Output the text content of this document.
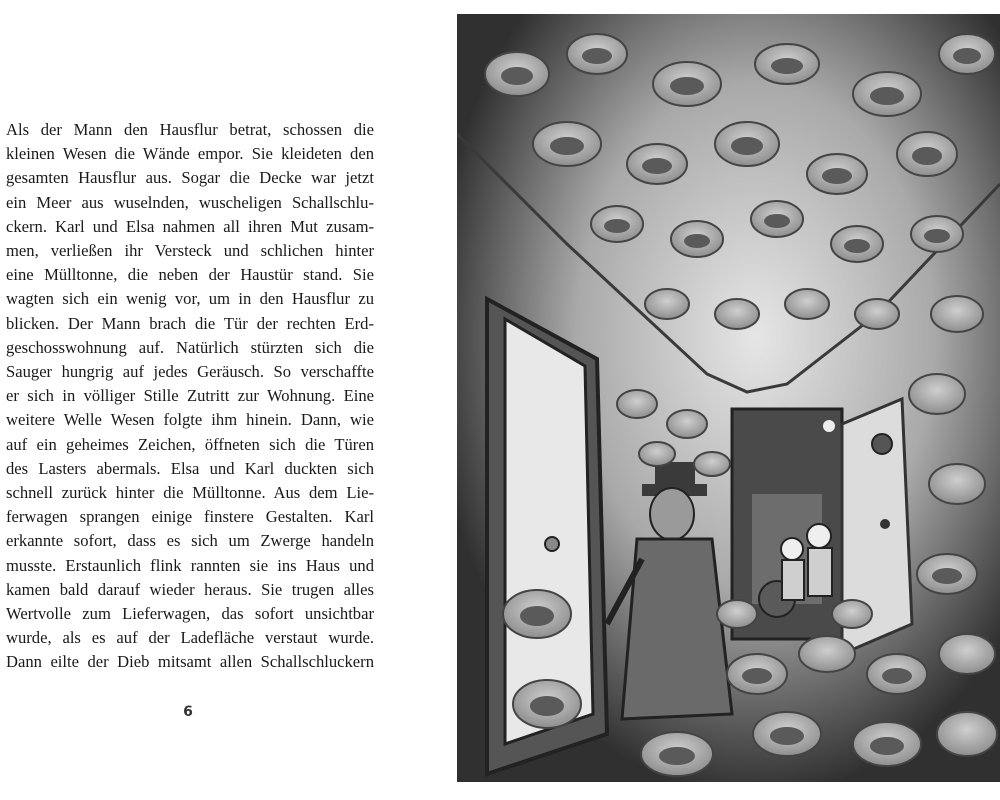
Als der Mann den Hausflur betrat, schossen die

kleinen Wesen die Wände empor. Sie kleideten den

gesamten Hausflur aus. Sogar die Decke war jetzt

ein Meer aus wuselnden, wuscheligen Schallschlu-

ckern. Karl und Elsa nahmen all ihren Mut zusam-

men, verließen ihr Versteck und schlichen hinter

eine Mülltonne, die neben der Haustür stand. Sie

wagten sich ein wenig vor, um in den Hausflur zu

blicken. Der Mann brach die Tür der rechten Erd-

geschosswohnung auf. Natürlich stürzten sich die

Sauger hungrig auf jedes Geräusch. So verschaffte

er sich in völliger Stille Zutritt zur Wohnung. Eine

weitere Welle Wesen folgte ihm hinein. Dann, wie

auf ein geheimes Zeichen, öffneten sich die Türen

des Lasters abermals. Elsa und Karl duckten sich

schnell zurück hinter die Mülltonne. Aus dem Lie-

ferwagen sprangen einige finstere Gestalten. Karl

erkannte sofort, dass es sich um Zwerge handeln

musste. Erstaunlich flink rannten sie ins Haus und

kamen bald darauf wieder heraus. Sie trugen alles

Wertvolle zum Lieferwagen, das sofort unsichtbar

wurde, als es auf der Ladefläche verstaut wurde.

Dann eilte der Dieb mitsamt allen Schallschluckern

6
